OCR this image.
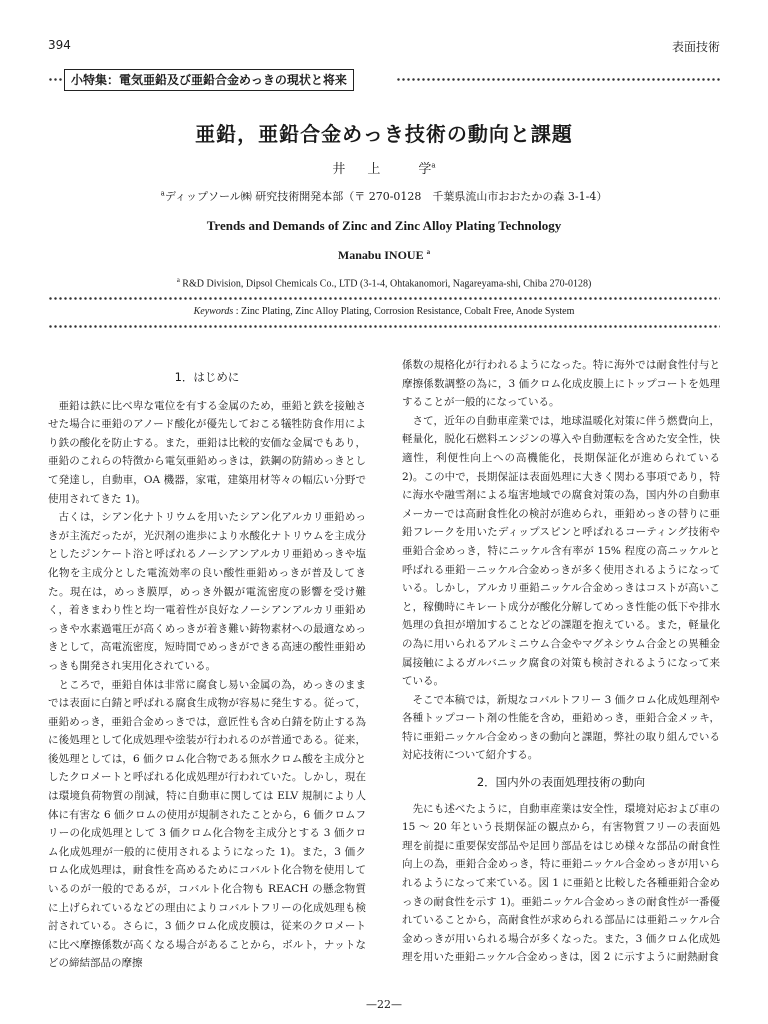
394	表面技術
小特集：電気亜鉛及び亜鉛合金めっきの現状と将来
亜鉛，亜鉛合金めっき技術の動向と課題
井 上	学$^a$
$^a$ディップソール㈱ 研究技術開発本部（〒 270-0128　千葉県流山市おおたかの森 3-1-4）
Trends and Demands of Zinc and Zinc Alloy Plating Technology
Manabu INOUE $^a$
$^a$ R&D Division, Dipsol Chemicals Co., LTD (3-1-4, Ohtakanomori, Nagareyama-shi, Chiba 270-0128)
Keywords : Zinc Plating, Zinc Alloy Plating, Corrosion Resistance, Cobalt Free, Anode System
1．はじめに

亜鉛は鉄に比べ卑な電位を有する金属のため，亜鉛と鉄を接触させた場合に亜鉛のアノード酸化が優先しておこる犠牲防食作用により鉄の酸化を防止する。また，亜鉛は比較的安価な金属でもあり，亜鉛のこれらの特徴から電気亜鉛めっきは，鉄鋼の防錆めっきとして発達し，自動車，OA 機器，家電，建築用材等々の幅広い分野で使用されてきた 1)。

古くは，シアン化ナトリウムを用いたシアン化アルカリ亜鉛めっきが主流だったが，光沢剤の進歩により水酸化ナトリウムを主成分としたジンケート浴と呼ばれるノーシアンアルカリ亜鉛めっきや塩化物を主成分とした電流効率の良い酸性亜鉛めっきが普及してきた。現在は，めっき膜厚，めっき外観が電流密度の影響を受け難く，着きまわり性と均一電着性が良好なノーシアンアルカリ亜鉛めっきや水素過電圧が高くめっきが着き難い鋳物素材への最適なめっきとして，高電流密度，短時間でめっきができる高速の酸性亜鉛めっきも開発され実用化されている。

ところで，亜鉛自体は非常に腐食し易い金属の為，めっきのままでは表面に白錆と呼ばれる腐食生成物が容易に発生する。従って，亜鉛めっき，亜鉛合金めっきでは，意匠性も含め白錆を防止する為に後処理として化成処理や塗装が行われるのが普通である。従来，後処理としては，6 価クロム化合物である無水クロム酸を主成分としたクロメートと呼ばれる化成処理が行われていた。しかし，現在は環境負荷物質の削減，特に自動車に関しては ELV 規制により人体に有害な 6 価クロムの使用が規制されたことから，6 価クロムフリーの化成処理として 3 価クロム化合物を主成分とする 3 価クロム化成処理が一般的に使用されるようになった 1)。また，3 価クロム化成処理は，耐食性を高めるためにコバルト化合物を使用しているのが一般的であるが，コバルト化合物も REACH の懸念物質に上げられているなどの理由によりコバルトフリーの化成処理も検討されている。さらに，3 価クロム化成皮膜は，従来のクロメートに比べ摩擦係数が高くなる場合があることから，ボルト，ナットなどの締結部品の摩擦

係数の規格化が行われるようになった。特に海外では耐食性付与と摩擦係数調整の為に，3 価クロム化成皮膜上にトップコートを処理することが一般的になっている。

さて，近年の自動車産業では，地球温暖化対策に伴う燃費向上，軽量化，脱化石燃料エンジンの導入や自動運転を含めた安全性，快適性，利便性向上への高機能化，長期保証化が進められている 2)。この中で，長期保証は表面処理に大きく関わる事項であり，特に海水や融雪剤による塩害地域での腐食対策の為，国内外の自動車メーカーでは高耐食性化の検討が進められ，亜鉛めっきの替りに亜鉛フレークを用いたディップスピンと呼ばれるコーティング技術や亜鉛合金めっき，特にニッケル含有率が 15% 程度の高ニッケルと呼ばれる亜鉛－ニッケル合金めっきが多く使用されるようになっている。しかし，アルカリ亜鉛ニッケル合金めっきはコストが高いこと，稼働時にキレート成分が酸化分解してめっき性能の低下や排水処理の負担が増加することなどの課題を抱えている。また，軽量化の為に用いられるアルミニウム合金やマグネシウム合金との異種金属接触によるガルバニック腐食の対策も検討されるようになって来ている。

そこで本稿では，新規なコバルトフリー 3 価クロム化成処理剤や各種トップコート剤の性能を含め，亜鉛めっき，亜鉛合金メッキ，特に亜鉛ニッケル合金めっきの動向と課題，弊社の取り組んでいる対応技術について紹介する。

2．国内外の表面処理技術の動向

先にも述べたように，自動車産業は安全性，環境対応および車の 15 ～ 20 年という長期保証の観点から，有害物質フリーの表面処理を前提に重要保安部品や足回り部品をはじめ様々な部品の耐食性向上の為，亜鉛合金めっき，特に亜鉛ニッケル合金めっきが用いられるようになって来ている。図 1 に亜鉛と比較した各種亜鉛合金めっきの耐食性を示す 1)。亜鉛ニッケル合金めっきの耐食性が一番優れていることから，高耐食性が求められる部品には亜鉛ニッケル合金めっきが用いられる場合が多くなった。また，3 価クロム化成処理を用いた亜鉛ニッケル合金めっきは，図 2 に示すように耐熱耐食

—22—
